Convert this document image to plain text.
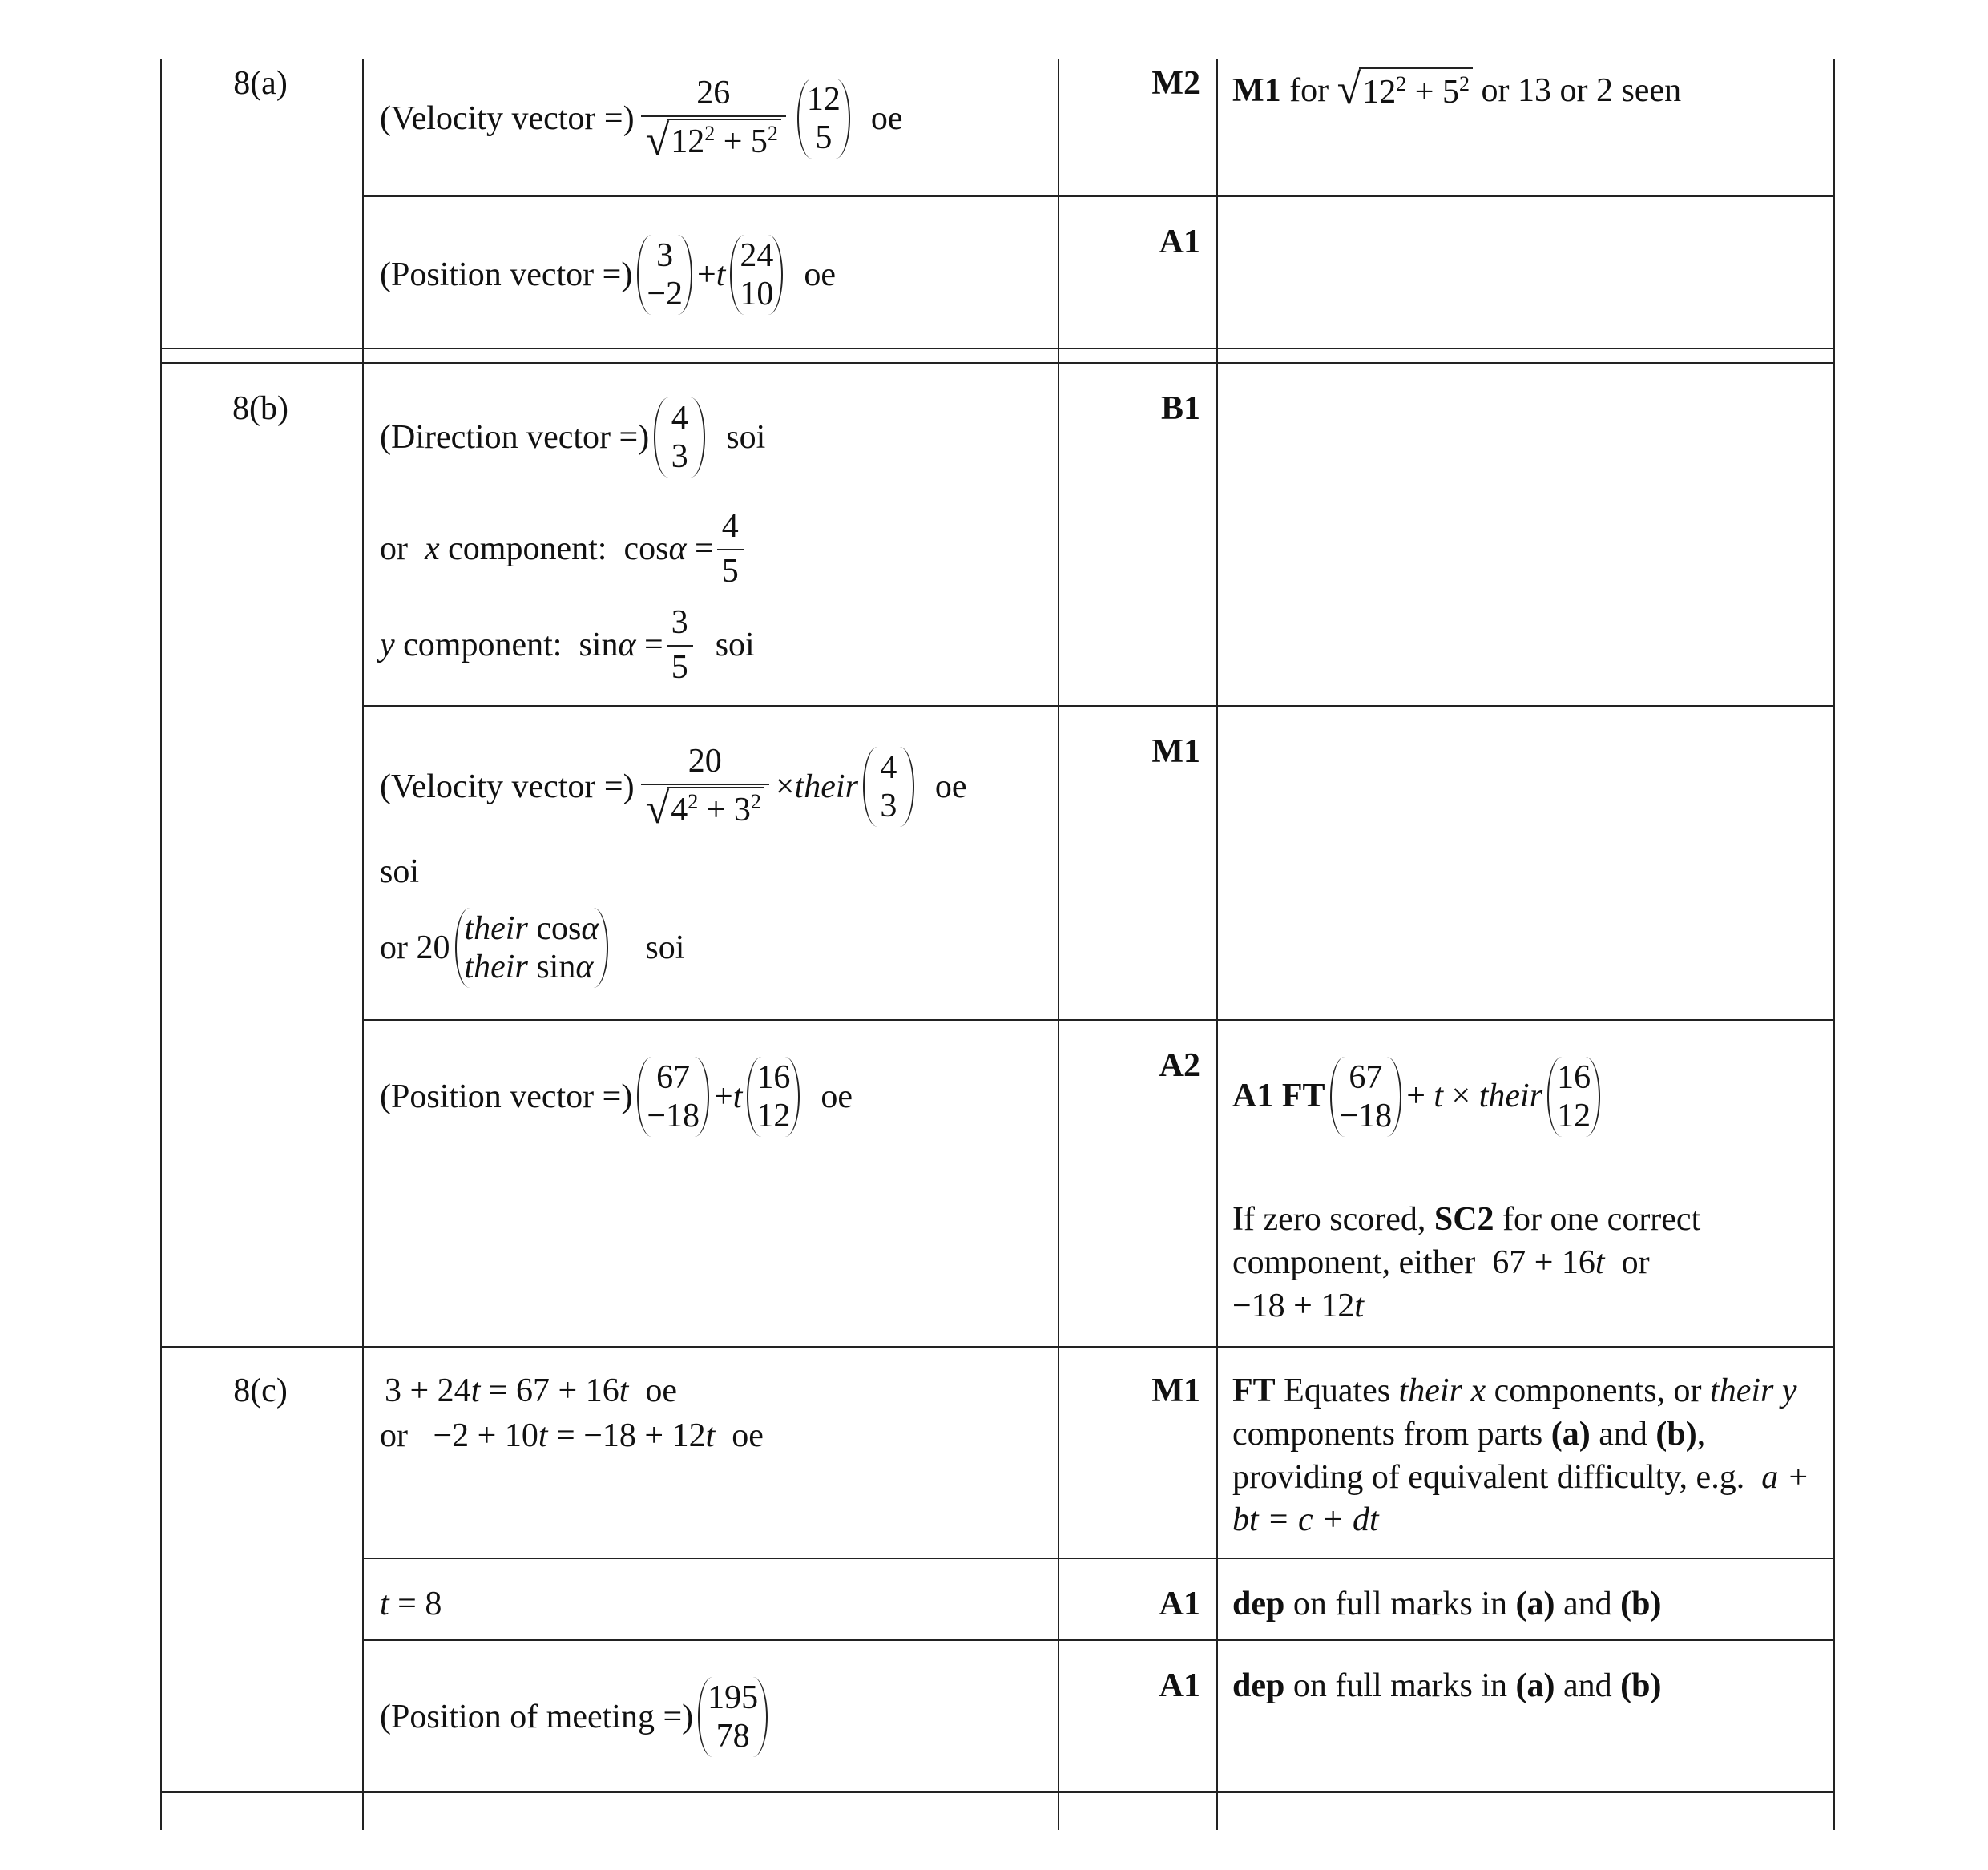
8(a)
(Velocity vector =) $\frac{26}{√ 12^2 + 5^2} 12$
5
oe
M2 M1
for
√ $12^2 + 5^2$
or 13 or 2 seen
(Position vector =)
3
−2
+ t
24
10
oe
A1
8(b)
(Direction vector =)
4
3
soi
or
x
component:
cos α
= $\frac{4}{5}$
y
component:
sin α
= $\frac{3}{5}$ soi
B1
(Velocity vector =) $\frac{20}{√ 4^2 + 3^2}$ × their
4
3
oe
soi
or 20
their cosα
their sinα
soi
M1
(Position vector =)
67
−18
+ t
16
12
oe
A2
A1 FT
67
−18
+
t
×
their
16
12
If zero scored, SC2 for one correct
component, either 67 + 16t or
−18 + 12t
8(c)	3 + 24t = 67 + 16t oe
or −2 + 10t = −18 + 12t oe
M1 FT Equates their x components, or their y components from parts (a) and (b), providing of equivalent difficulty, e.g. a + bt = c + dt
t = 8	A1 dep on full marks in (a) and (b)
(Position of meeting =)
195
78
A1 dep on full marks in (a) and (b)
